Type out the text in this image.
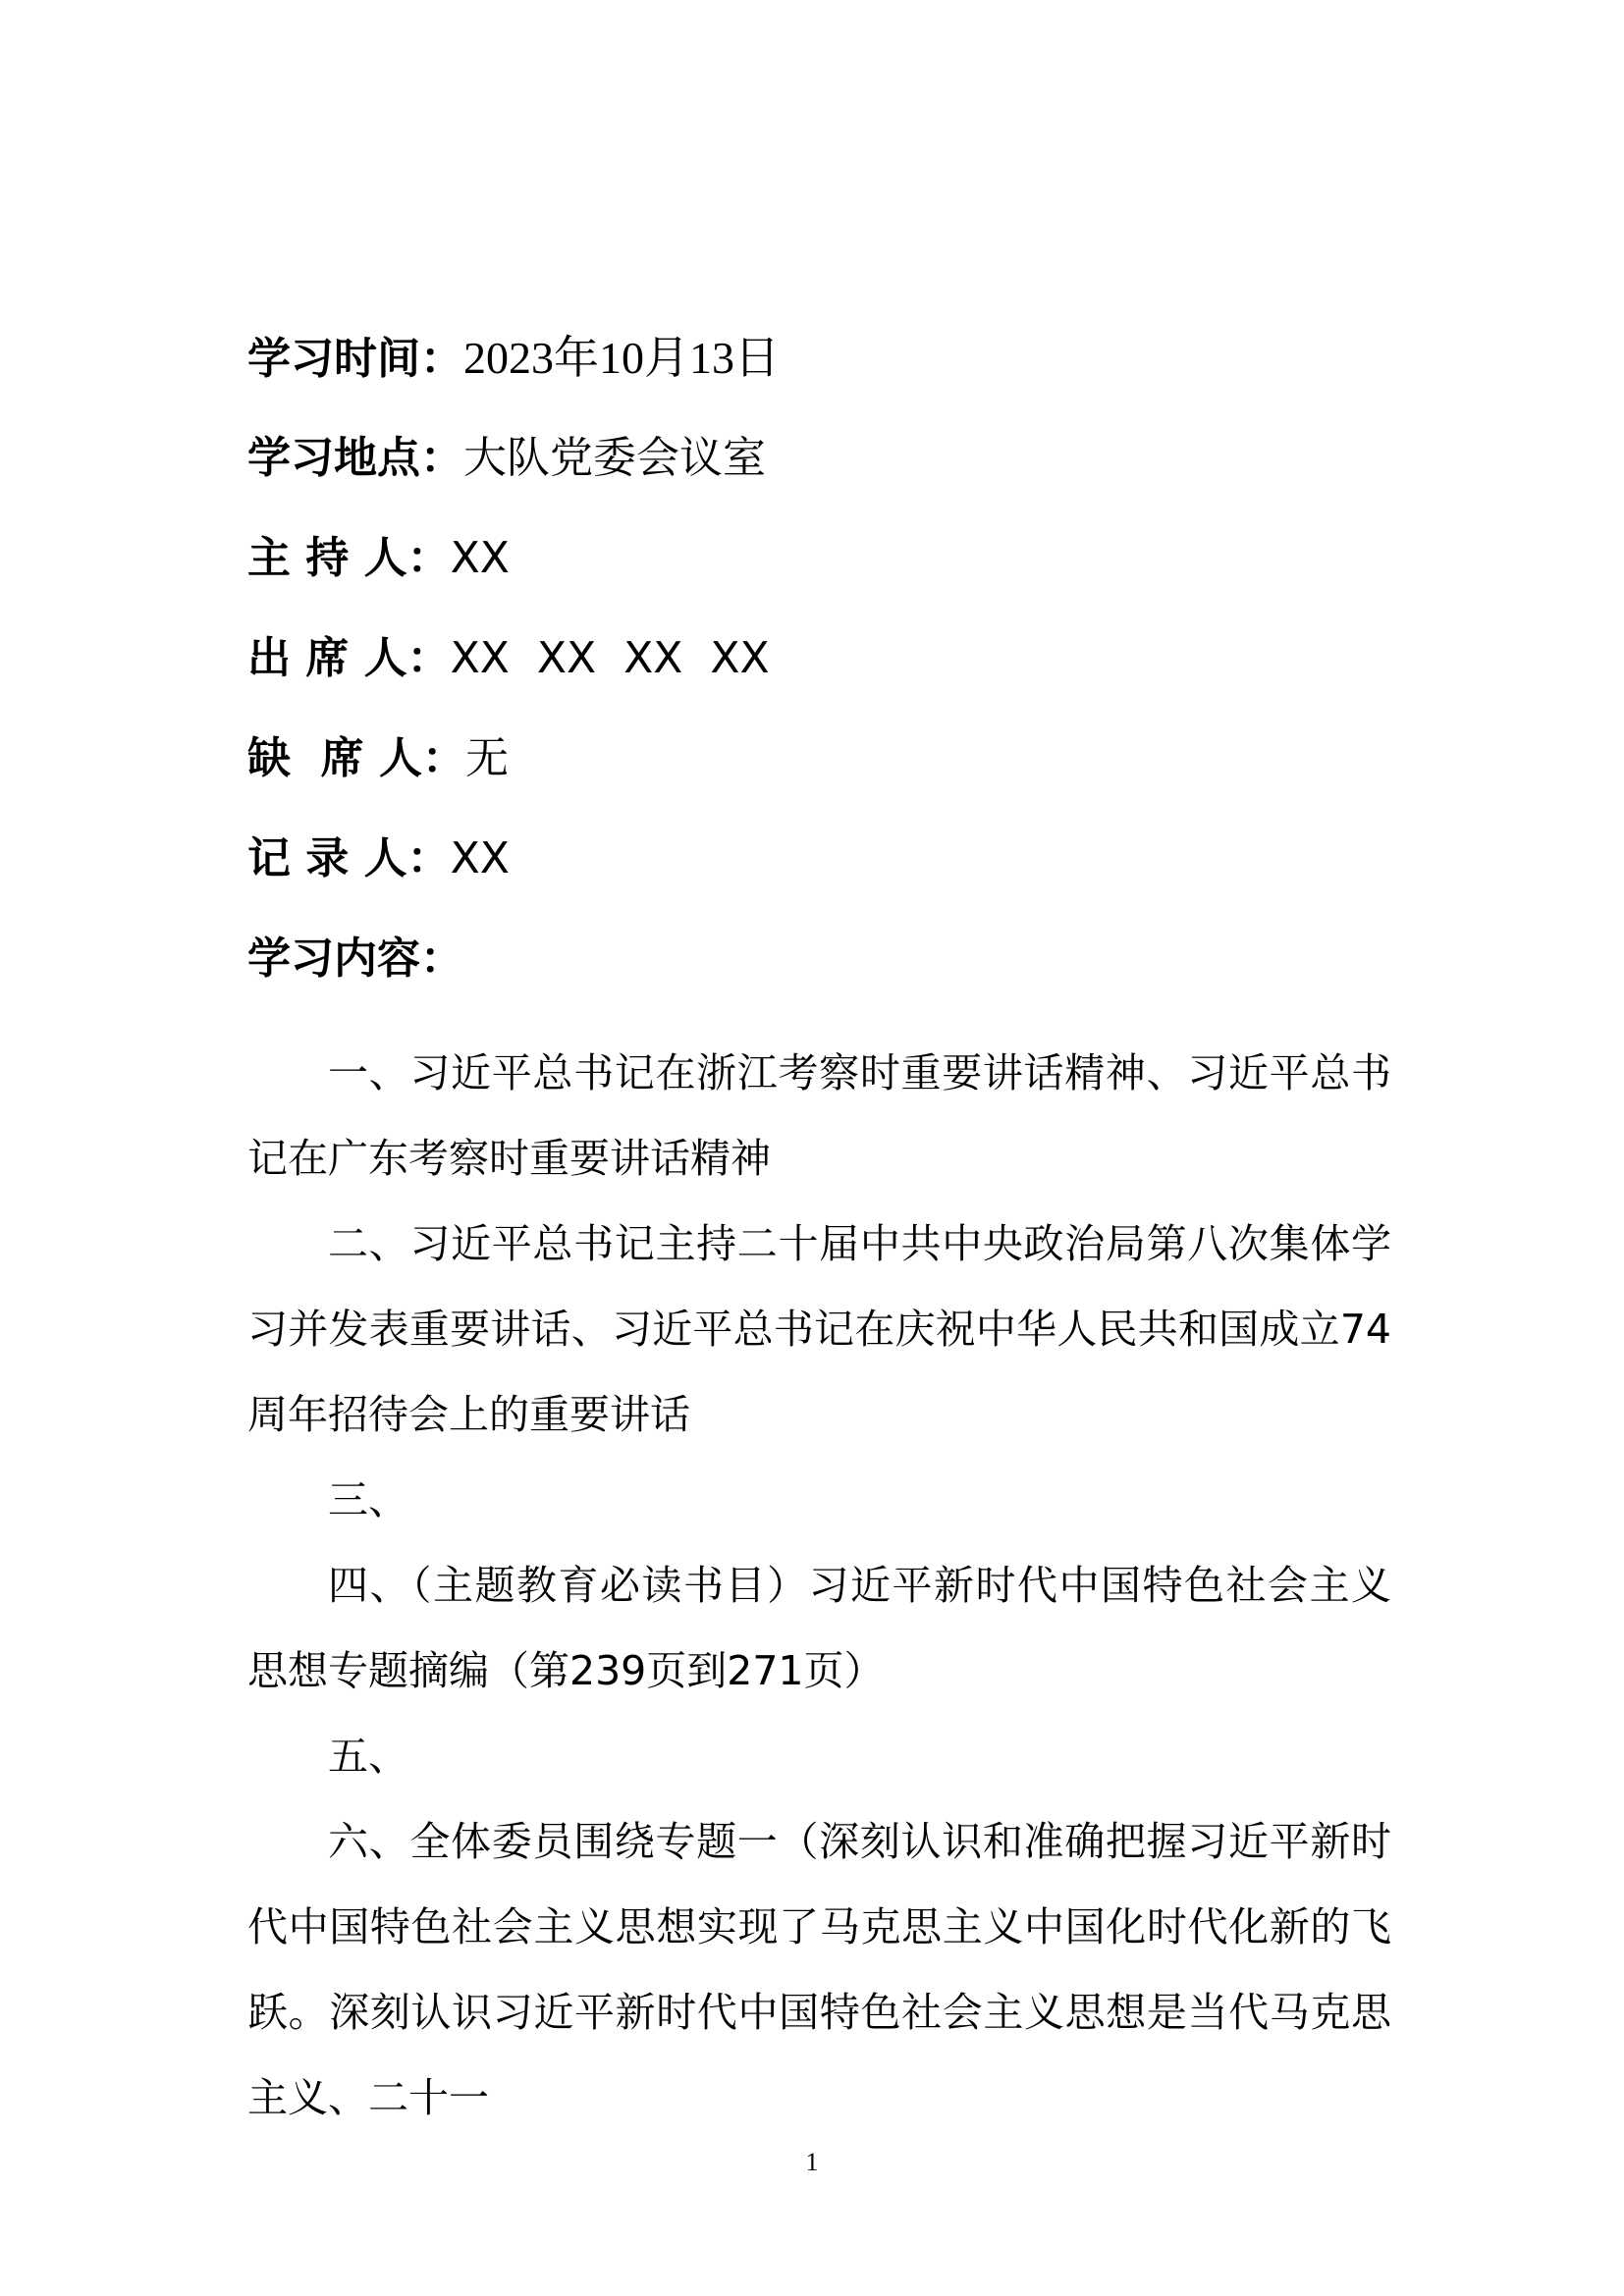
学习时间：2023年10月13日
学习地点：大队党委会议室
主 持 人：XX
出 席 人：XX  XX  XX  XX
缺  席 人：无
记 录 人：XX
学习内容：

一、习近平总书记在浙江考察时重要讲话精神、习近平总书记在广东考察时重要讲话精神

二、习近平总书记主持二十届中共中央政治局第八次集体学习并发表重要讲话、习近平总书记在庆祝中华人民共和国成立74周年招待会上的重要讲话

三、

四、（主题教育必读书目）习近平新时代中国特色社会主义思想专题摘编（第239页到271页）

五、

六、全体委员围绕专题一（深刻认识和准确把握习近平新时代中国特色社会主义思想实现了马克思主义中国化时代化新的飞跃。深刻认识习近平新时代中国特色社会主义思想是当代马克思主义、二十一

1
